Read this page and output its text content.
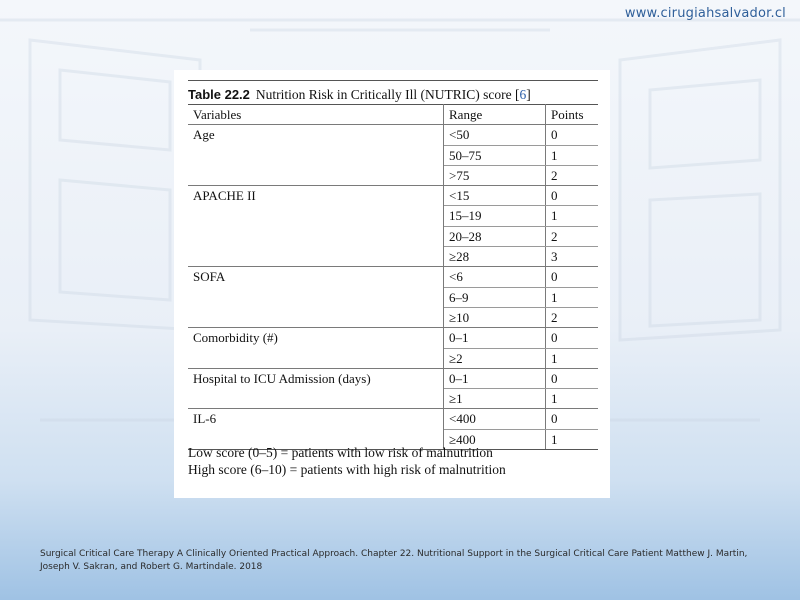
www.cirugiahsalvador.cl
Table 22.2 Nutrition Risk in Critically Ill (NUTRIC) score [6]
Variables	Range	Points
Age	<50	0
	50–75	1
	>75	2
APACHE II	<15	0
	15–19	1
	20–28	2
	≥28	3
SOFA	<6	0
	6–9	1
	≥10	2
Comorbidity (#)	0–1	0
	≥2	1
Hospital to ICU Admission (days)	0–1	0
	≥1	1
IL-6	<400	0
	≥400	1
Low score (0–5) = patients with low risk of malnutrition
High score (6–10) = patients with high risk of malnutrition
Surgical Critical Care Therapy A Clinically Oriented Practical Approach. Chapter 22. Nutritional Support in the Surgical Critical Care Patient Matthew J. Martin,
Joseph V. Sakran, and Robert G. Martindale. 2018
